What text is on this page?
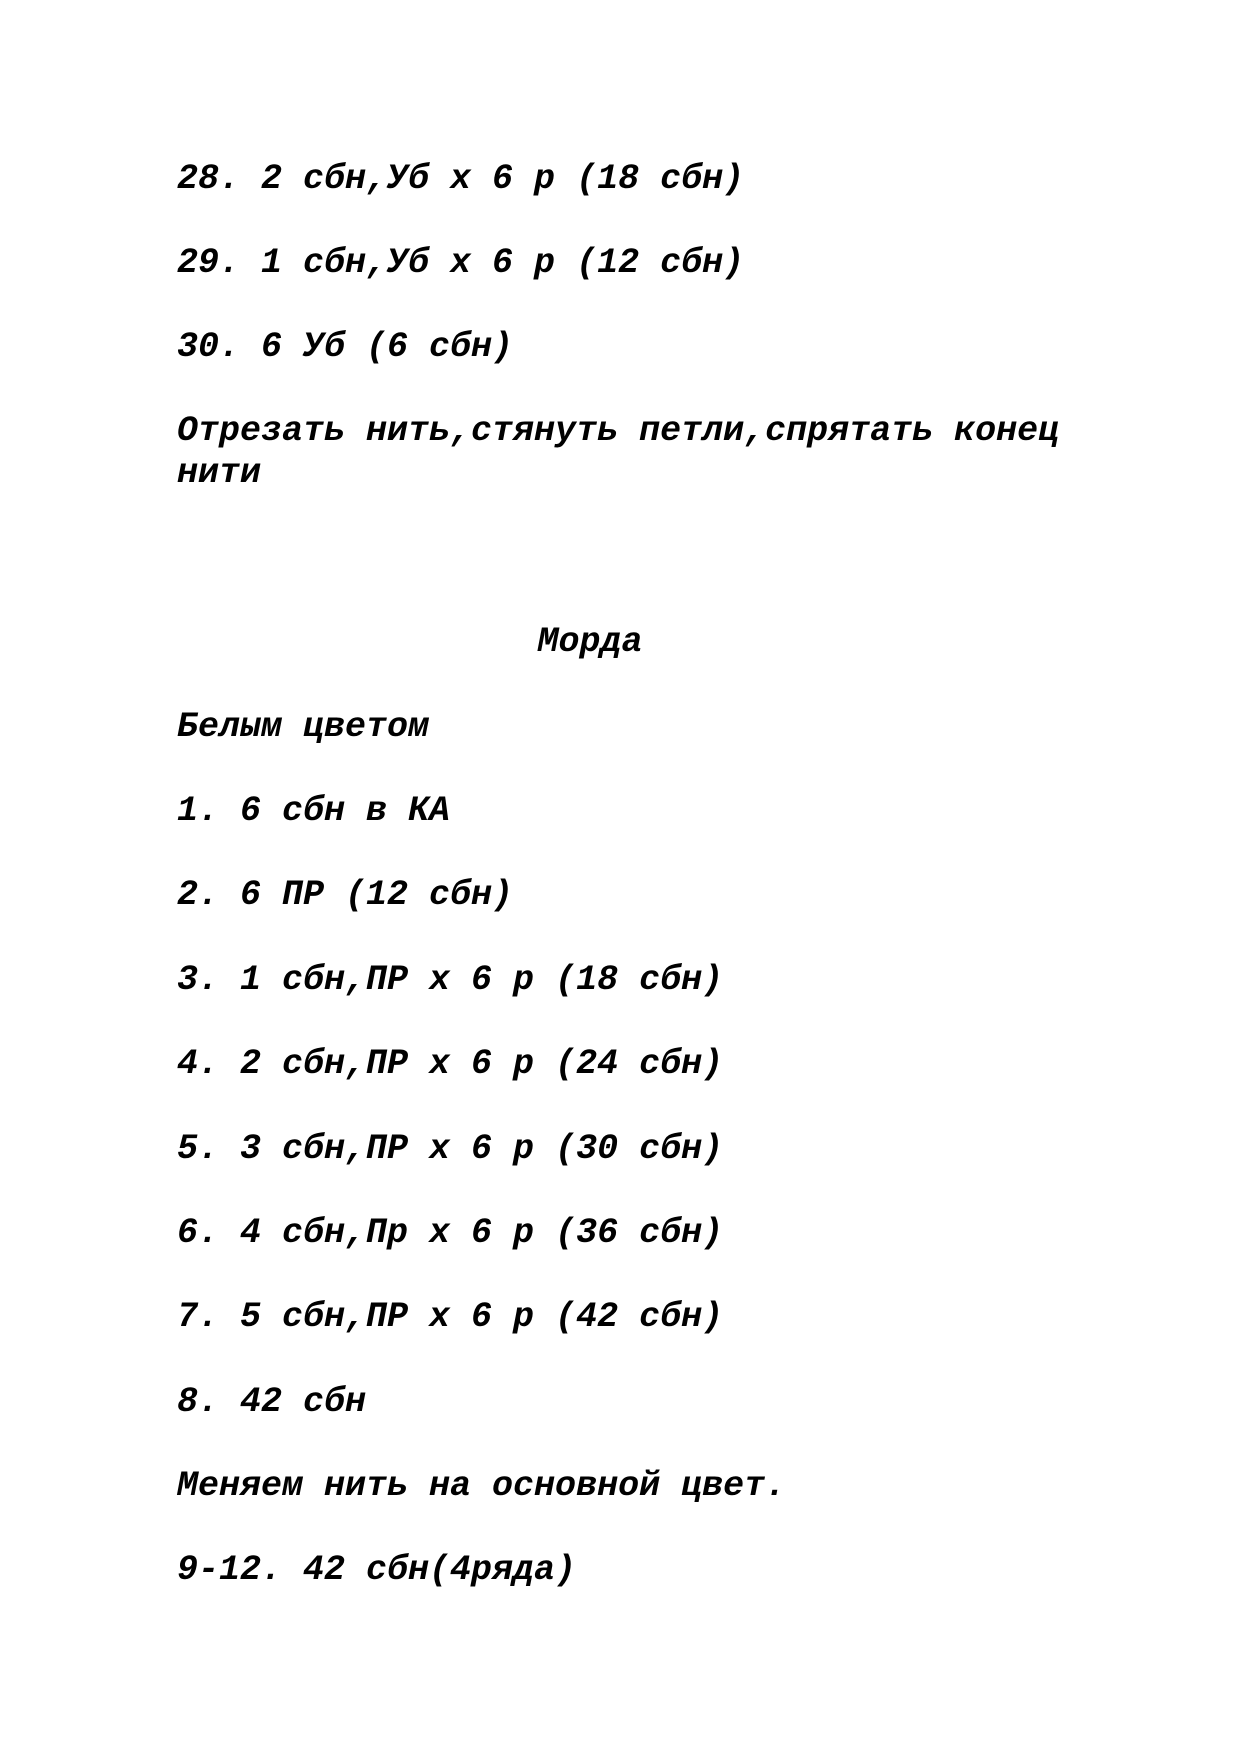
28. 2 сбн,Уб х 6 р (18 сбн)
29. 1 сбн,Уб х 6 р (12 сбн)
30. 6 Уб (6 сбн)
Отрезать нить,стянуть петли,спрятать конец нити
Морда
Белым цветом
1. 6 сбн в КА
2. 6 ПР (12 сбн)
3. 1 сбн,ПР х 6 р (18 сбн)
4. 2 сбн,ПР х 6 р (24 сбн)
5. 3 сбн,ПР х 6 р (30 сбн)
6. 4 сбн,Пр х 6 р (36 сбн)
7. 5 сбн,ПР х 6 р (42 сбн)
8. 42 сбн
Меняем нить на основной цвет.
9-12. 42 сбн(4ряда)
